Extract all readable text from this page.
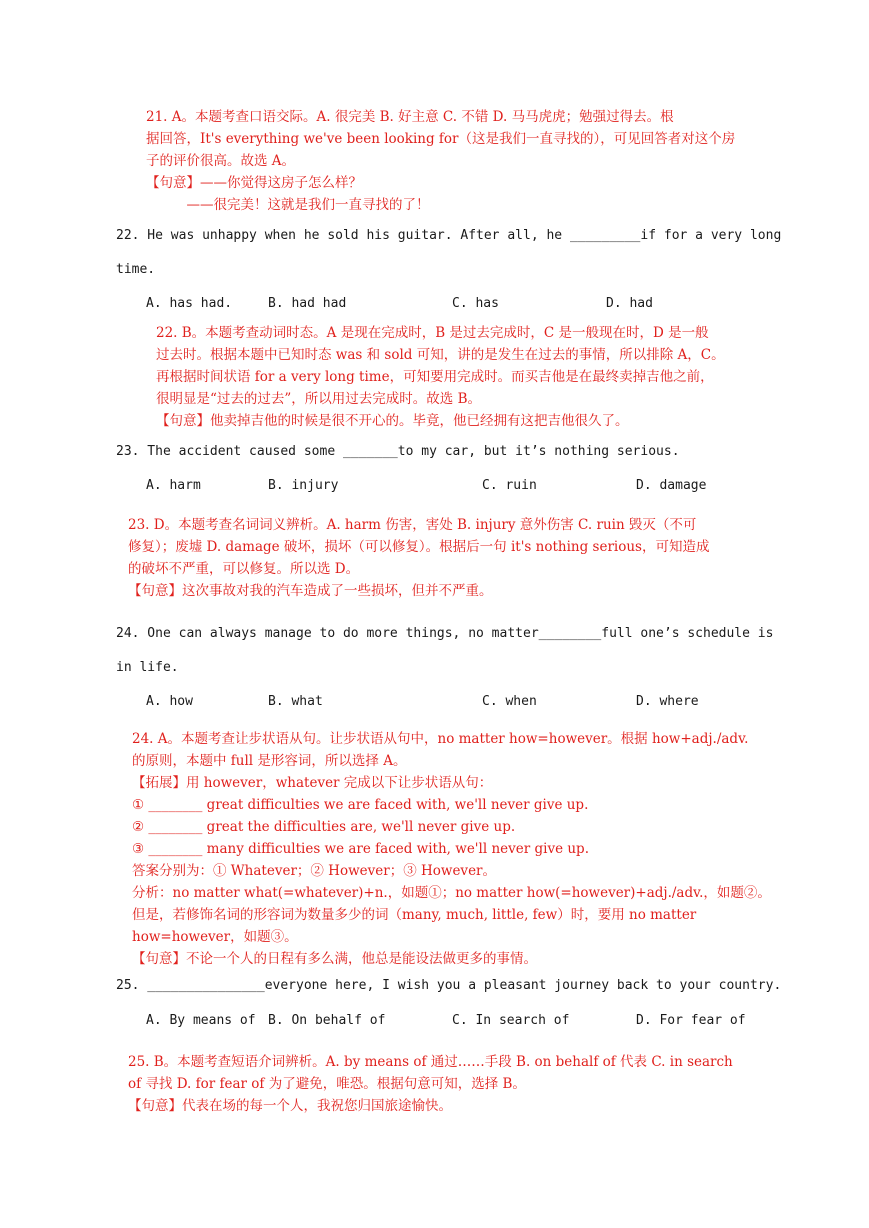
21. A。本题考查口语交际。A. 很完美 B. 好主意 C. 不错 D. 马马虎虎；勉强过得去。根

据回答，It's everything we've been looking for（这是我们一直寻找的），可见回答者对这个房

子的评价很高。故选 A。

【句意】——你觉得这房子怎么样？

　　　——很完美！这就是我们一直寻找的了！

22. He was unhappy when he sold his guitar. After all, he _________if for a very long
time.
A. has had.	B. had had	C. has	D. had

22. B。本题考查动词时态。A 是现在完成时，B 是过去完成时，C 是一般现在时，D 是一般

过去时。根据本题中已知时态 was 和 sold 可知，讲的是发生在过去的事情，所以排除 A，C。

再根据时间状语 for a very long time，可知要用完成时。而买吉他是在最终卖掉吉他之前，

很明显是“过去的过去”，所以用过去完成时。故选 B。

【句意】他卖掉吉他的时候是很不开心的。毕竟，他已经拥有这把吉他很久了。

23. The accident caused some _______to my car, but it’s nothing serious.
A. harm	B. injury	C. ruin	D. damage

23. D。本题考查名词词义辨析。A. harm 伤害，害处 B. injury 意外伤害 C. ruin 毁灭（不可

修复）；废墟 D. damage 破坏，损坏（可以修复）。根据后一句 it's nothing serious，可知造成

的破坏不严重，可以修复。所以选 D。

【句意】这次事故对我的汽车造成了一些损坏，但并不严重。

24. One can always manage to do more things, no matter________full one’s schedule is
in life.
A. how	B. what	C. when	D. where

24. A。本题考查让步状语从句。让步状语从句中，no matter how=however。根据 how+adj./adv.

的原则，本题中 full 是形容词，所以选择 A。

【拓展】用 however，whatever 完成以下让步状语从句：

① ________ great difficulties we are faced with, we'll never give up.

② ________ great the difficulties are, we'll never give up.

③ ________ many difficulties we are faced with, we'll never give up.

答案分别为：① Whatever；② However；③ However。

分析：no matter what(=whatever)+n.，如题①；no matter how(=however)+adj./adv.，如题②。

但是，若修饰名词的形容词为数量多少的词（many, much, little, few）时，要用 no matter

how=however，如题③。

【句意】不论一个人的日程有多么满，他总是能设法做更多的事情。

25. _______________everyone here, I wish you a pleasant journey back to your country.
A. By means of B. On behalf of	C. In search of	D. For fear of

25. B。本题考查短语介词辨析。A. by means of 通过……手段 B. on behalf of 代表 C. in search

of 寻找 D. for fear of 为了避免，唯恐。根据句意可知，选择 B。

【句意】代表在场的每一个人，我祝您归国旅途愉快。
